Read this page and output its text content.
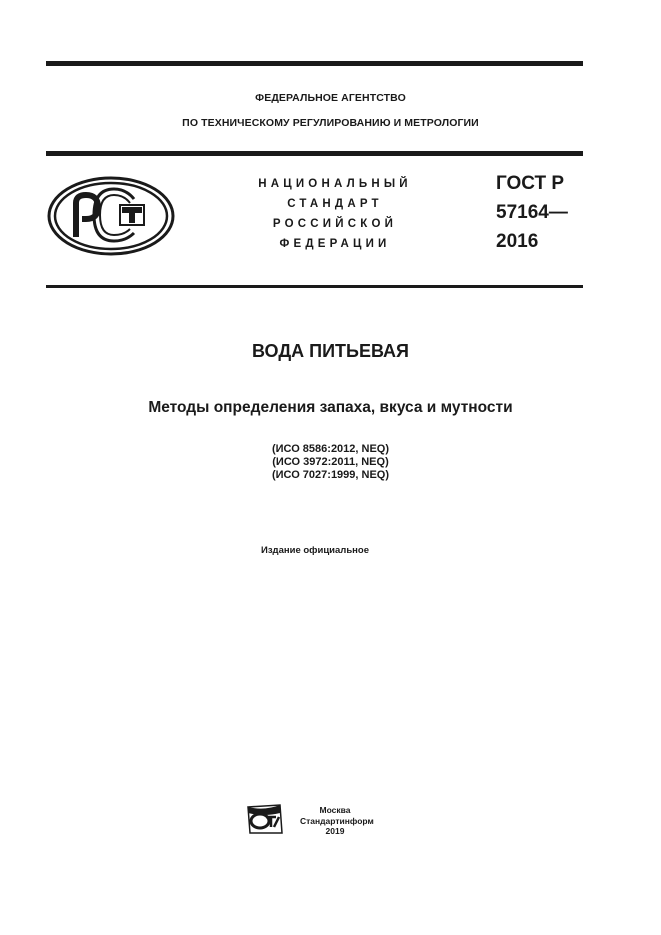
ФЕДЕРАЛЬНОЕ АГЕНТСТВО
ПО ТЕХНИЧЕСКОМУ РЕГУЛИРОВАНИЮ И МЕТРОЛОГИИ
НАЦИОНАЛЬНЫЙ
СТАНДАРТ
РОССИЙСКОЙ
ФЕДЕРАЦИИ
ГОСТ Р
57164—
2016
ВОДА ПИТЬЕВАЯ
Методы определения запаха, вкуса и мутности
(ИСО 8586:2012, NEQ)
(ИСО 3972:2011, NEQ)
(ИСО 7027:1999, NEQ)
Издание официальное
Москва
Стандартинформ
2019
